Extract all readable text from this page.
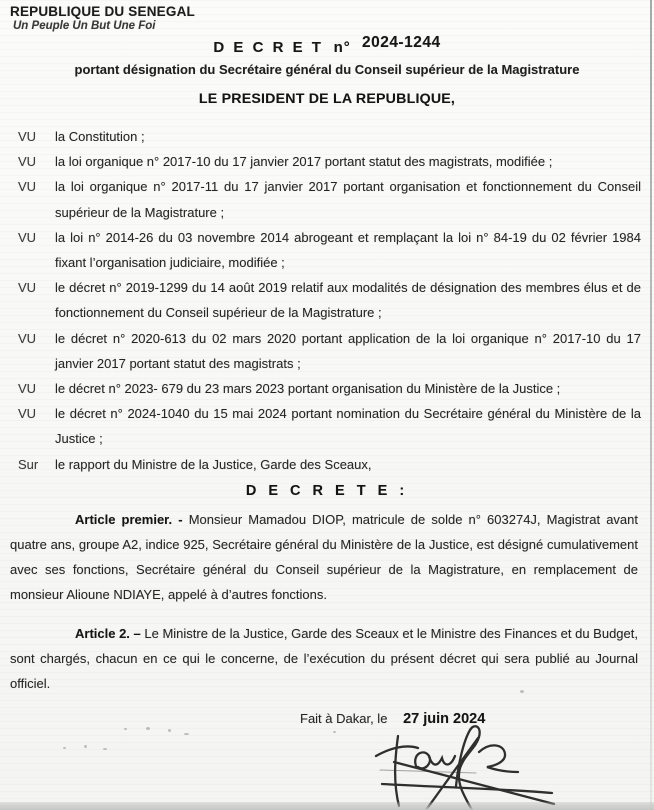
REPUBLIQUE DU SENEGAL
Un Peuple Un But Une Foi
D E C R E T n° 2024-1244
portant désignation du Secrétaire général du Conseil supérieur de la Magistrature
LE PRESIDENT DE LA REPUBLIQUE,
VU	la Constitution ;
VU	la loi organique n° 2017-10 du 17 janvier 2017 portant statut des magistrats, modifiée ;
VU	la loi organique n° 2017-11 du 17 janvier 2017 portant organisation et fonctionnement du Conseil supérieur de la Magistrature ;
VU	la loi n° 2014-26 du 03 novembre 2014 abrogeant et remplaçant la loi n° 84-19 du 02 février 1984 fixant l’organisation judiciaire, modifiée ;
VU	le décret n° 2019-1299 du 14 août 2019 relatif aux modalités de désignation des membres élus et de fonctionnement du Conseil supérieur de la Magistrature ;
VU	le décret n° 2020-613 du 02 mars 2020 portant application de la loi organique n° 2017-10 du 17 janvier 2017 portant statut des magistrats ;
VU	le décret n° 2023- 679 du 23 mars 2023 portant organisation du Ministère de la Justice ;
VU	le décret n° 2024-1040 du 15 mai 2024 portant nomination du Secrétaire général du Ministère de la Justice ;
Sur	le rapport du Ministre de la Justice, Garde des Sceaux,
D E C R E T E :

Article premier. - Monsieur Mamadou DIOP, matricule de solde n° 603274J, Magistrat avant quatre ans, groupe A2, indice 925, Secrétaire général du Ministère de la Justice, est désigné cumulativement avec ses fonctions, Secrétaire général du Conseil supérieur de la Magistrature, en remplacement de monsieur Alioune NDIAYE, appelé à d’autres fonctions.

Article 2. – Le Ministre de la Justice, Garde des Sceaux et le Ministre des Finances et du Budget, sont chargés, chacun en ce qui le concerne, de l’exécution du présent décret qui sera publié au Journal officiel.

Fait à Dakar, le 27 juin 2024
